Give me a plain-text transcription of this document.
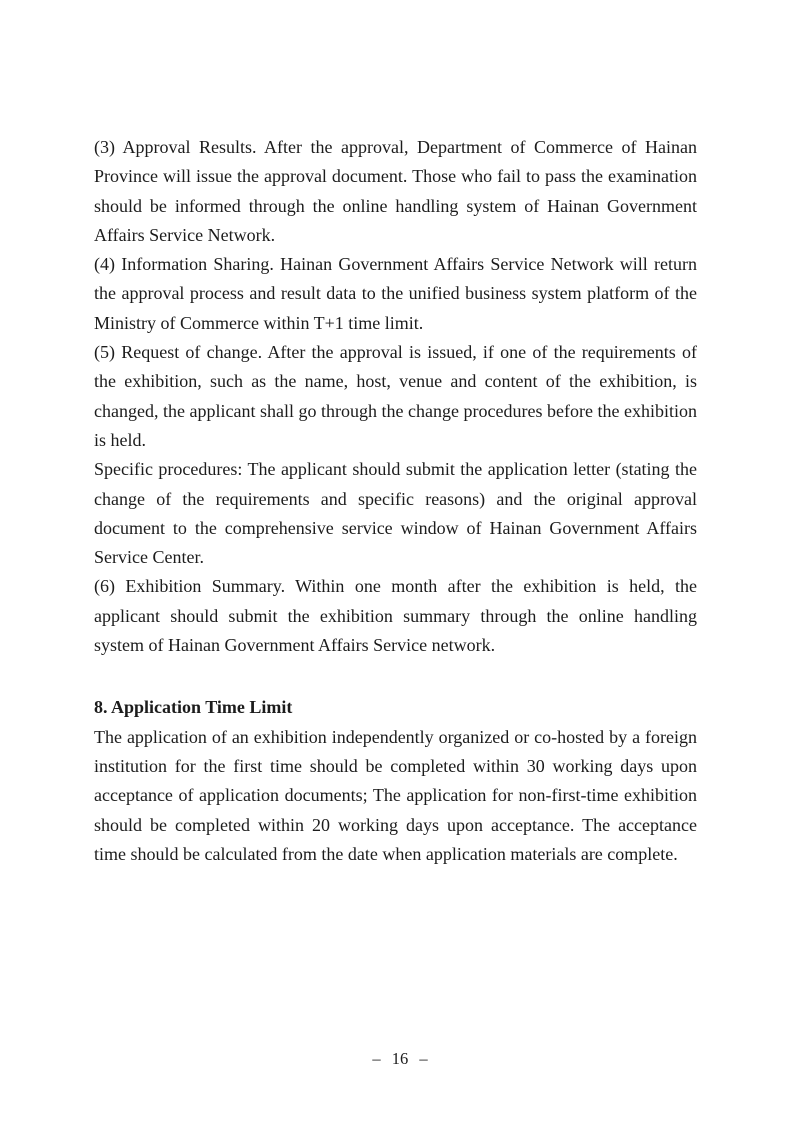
(3) Approval Results. After the approval, Department of Commerce of Hainan Province will issue the approval document. Those who fail to pass the examination should be informed through the online handling system of Hainan Government Affairs Service Network.

(4) Information Sharing. Hainan Government Affairs Service Network will return the approval process and result data to the unified business system platform of the Ministry of Commerce within T+1 time limit.

(5) Request of change. After the approval is issued, if one of the requirements of the exhibition, such as the name, host, venue and content of the exhibition, is changed, the applicant shall go through the change procedures before the exhibition is held.

Specific procedures: The applicant should submit the application letter (stating the change of the requirements and specific reasons) and the original approval document to the comprehensive service window of Hainan Government Affairs Service Center.

(6) Exhibition Summary. Within one month after the exhibition is held, the applicant should submit the exhibition summary through the online handling system of Hainan Government Affairs Service network.

8. Application Time Limit

The application of an exhibition independently organized or co-hosted by a foreign institution for the first time should be completed within 30 working days upon acceptance of application documents; The application for non-first-time exhibition should be completed within 20 working days upon acceptance. The acceptance time should be calculated from the date when application materials are complete.

– 16 –
